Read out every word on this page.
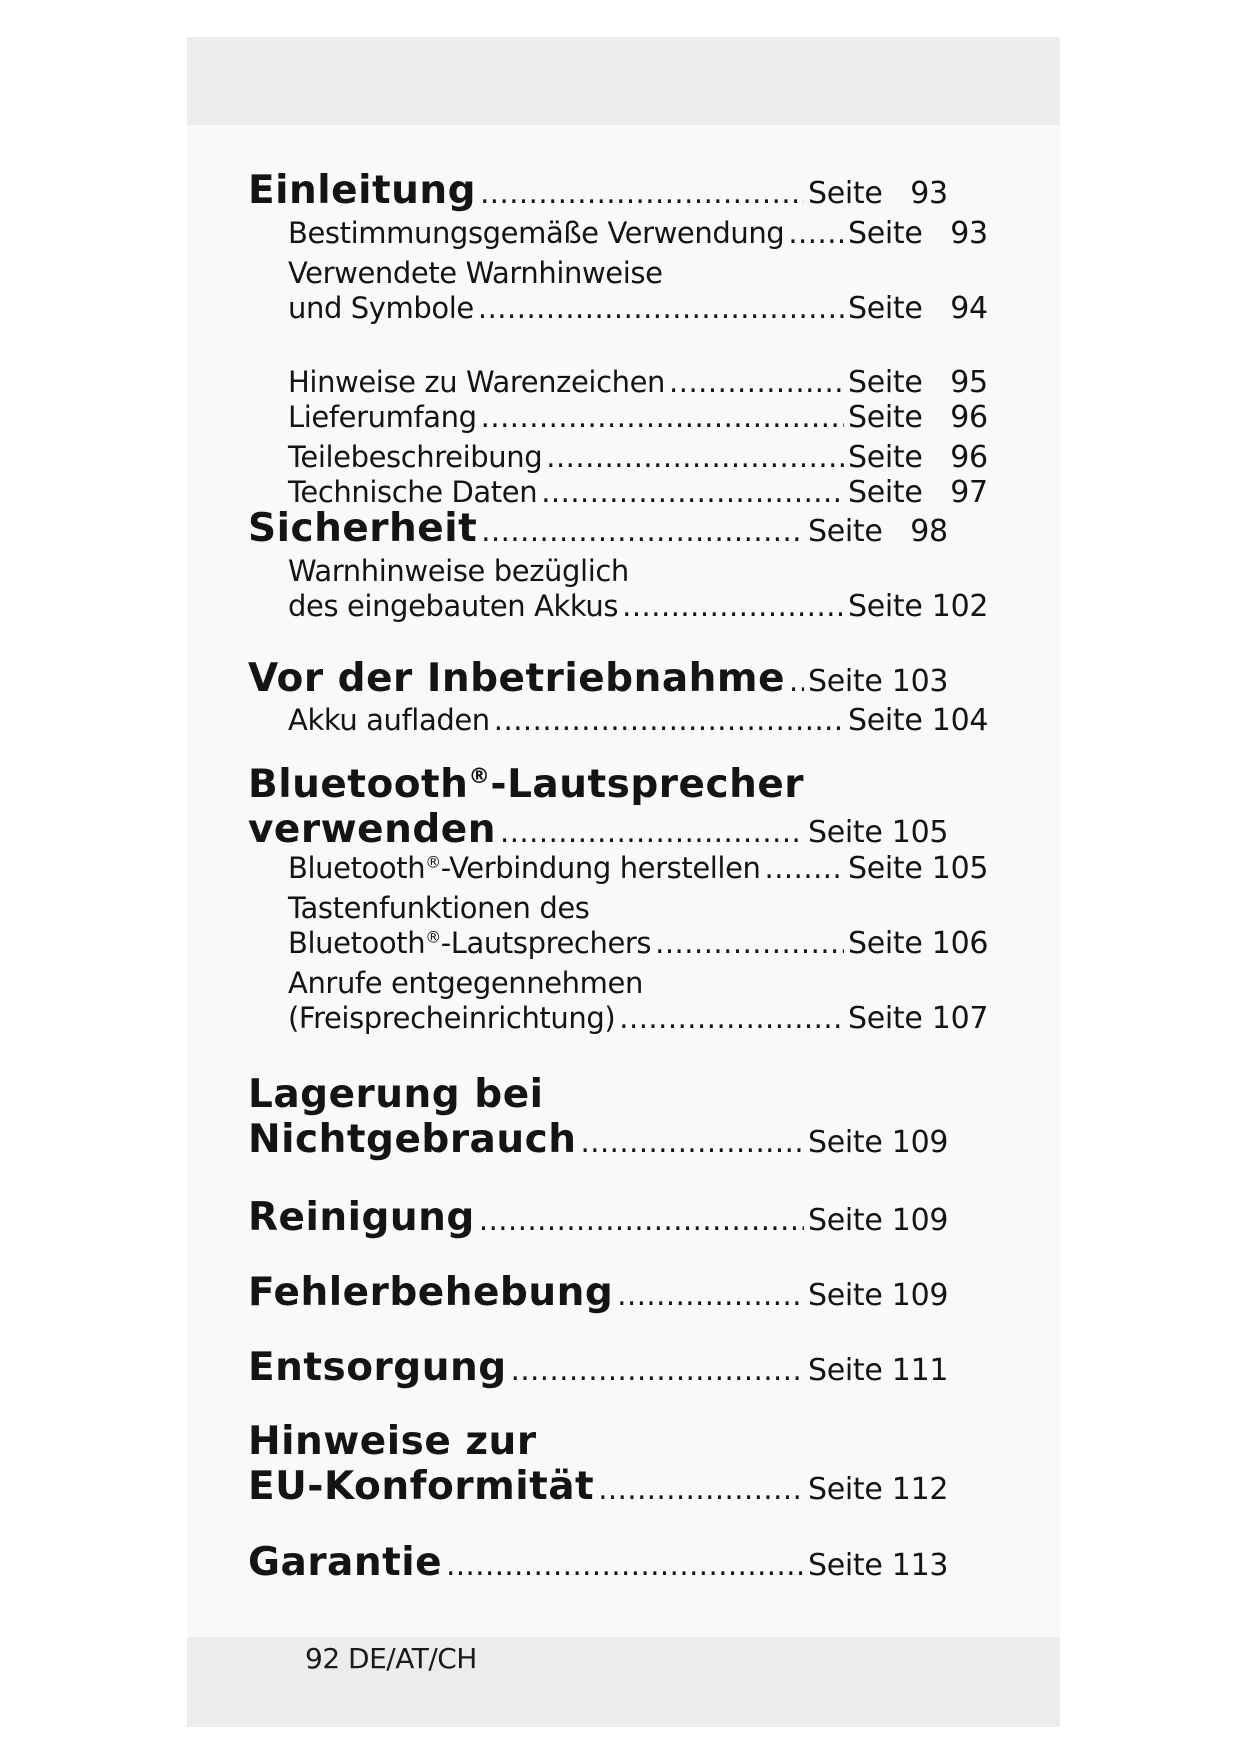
Einleitung .....	Seite   93
Bestimmungsgemäße Verwendung ..... Seite   93
Verwendete Warnhinweise
und Symbole .....	Seite   94
Hinweise zu Warenzeichen .....	Seite   95
Lieferumfang .....	Seite   96
Teilebeschreibung .....	Seite   96
Technische Daten .....	Seite   97
Sicherheit .....	Seite   98
Warnhinweise bezüglich
des eingebauten Akkus .....	Seite 102
Vor der Inbetriebnahme ..... Seite 103
Akku aufladen .....	Seite 104
Bluetooth®-Lautsprecher
verwenden .....	Seite 105
Bluetooth®-Verbindung herstellen .....	Seite 105
Tastenfunktionen des
Bluetooth®-Lautsprechers .....	Seite 106
Anrufe entgegennehmen
(Freisprecheinrichtung) .....	Seite 107
Lagerung bei
Nichtgebrauch .....	Seite 109
Reinigung .....	Seite 109
Fehlerbehebung .....	Seite 109
Entsorgung .....	Seite 111
Hinweise zur
EU-Konformität .....	Seite 112
Garantie .....	Seite 113
92 DE/AT/CH
